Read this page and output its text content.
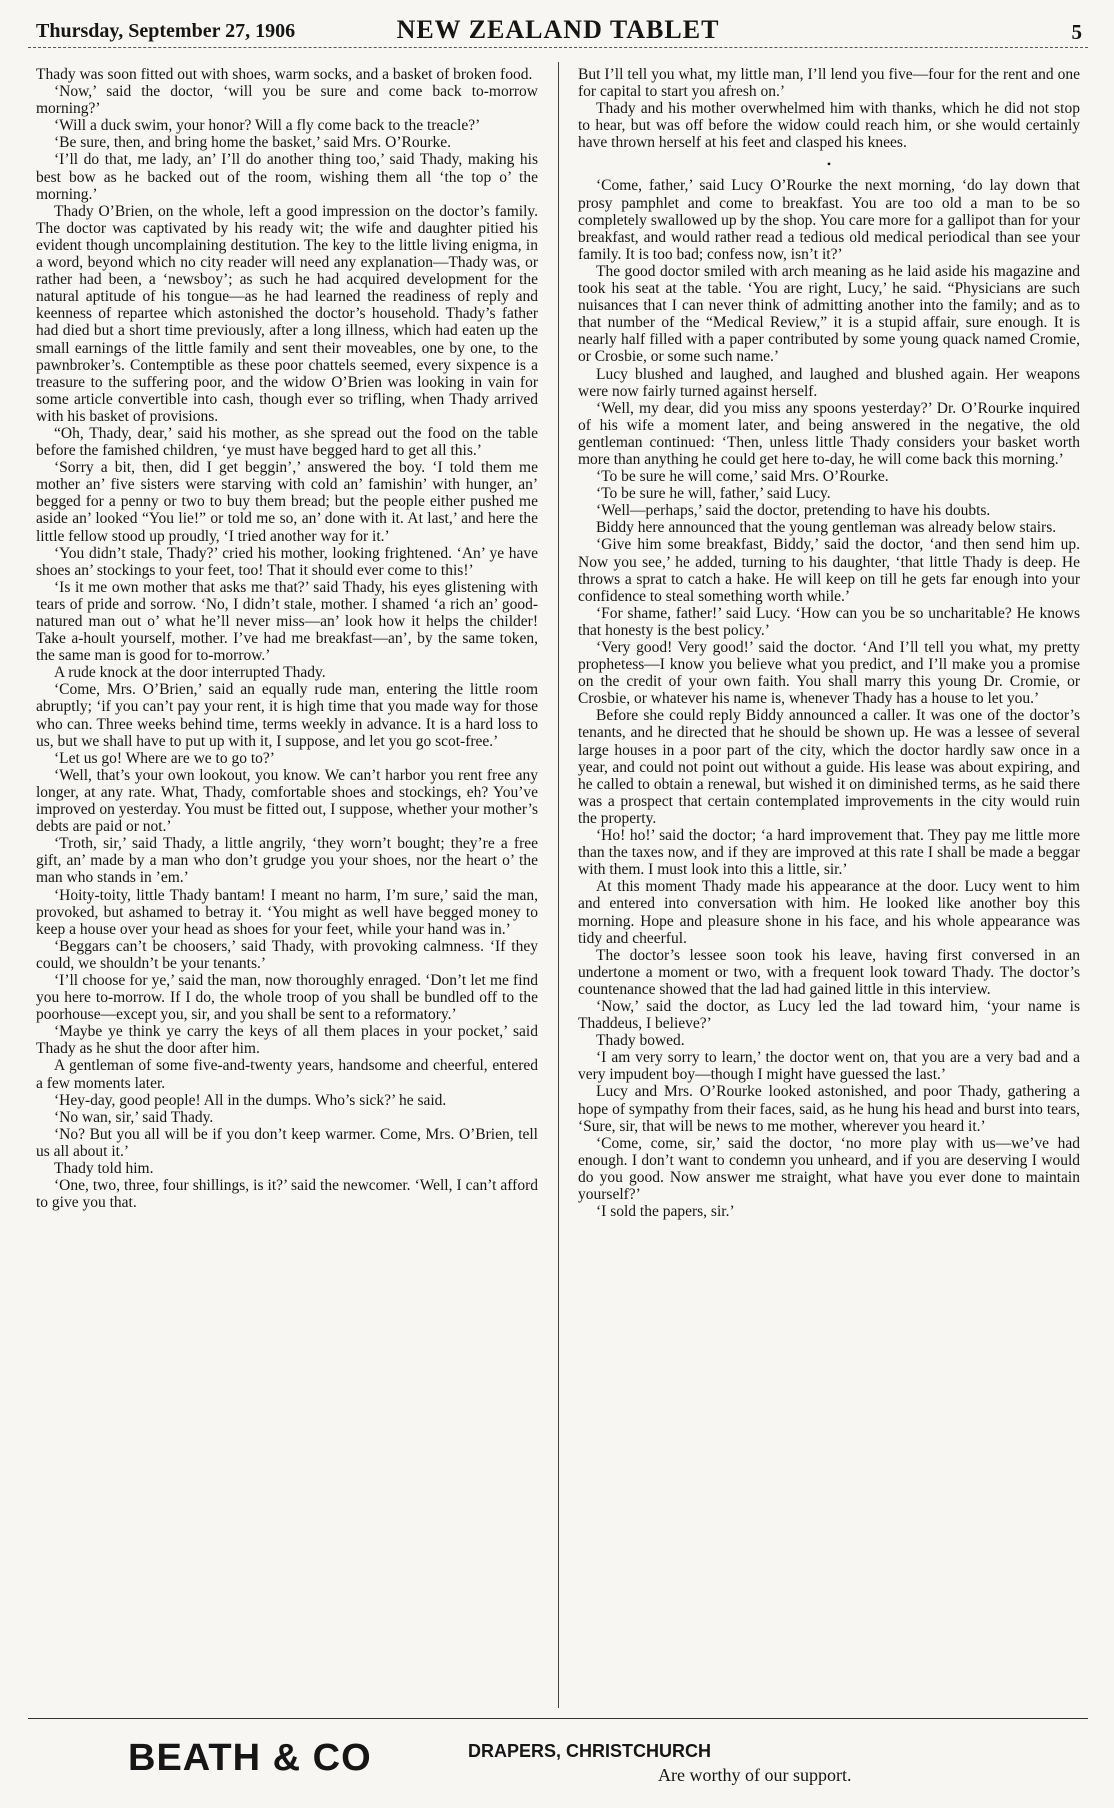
Thursday, September 27, 1906	NEW ZEALAND TABLET	5

Thady was soon fitted out with shoes, warm socks, and a basket of broken food.

‘Now,’ said the doctor, ‘will you be sure and come back to-morrow morning?’

‘Will a duck swim, your honor? Will a fly come back to the treacle?’

‘Be sure, then, and bring home the basket,’ said Mrs. O’Rourke.

‘I’ll do that, me lady, an’ I’ll do another thing too,’ said Thady, making his best bow as he backed out of the room, wishing them all ‘the top o’ the morning.’

Thady O’Brien, on the whole, left a good impression on the doctor’s family. The doctor was captivated by his ready wit; the wife and daughter pitied his evident though uncomplaining destitution. The key to the little living enigma, in a word, beyond which no city reader will need any explanation—Thady was, or rather had been, a ‘newsboy’; as such he had acquired development for the natural aptitude of his tongue—as he had learned the readiness of reply and keenness of repartee which astonished the doctor’s household. Thady’s father had died but a short time previously, after a long illness, which had eaten up the small earnings of the little family and sent their moveables, one by one, to the pawnbroker’s. Contemptible as these poor chattels seemed, every sixpence is a treasure to the suffering poor, and the widow O’Brien was looking in vain for some article convertible into cash, though ever so trifling, when Thady arrived with his basket of provisions.

“Oh, Thady, dear,’ said his mother, as she spread out the food on the table before the famished children, ‘ye must have begged hard to get all this.’

‘Sorry a bit, then, did I get beggin’,’ answered the boy. ‘I told them me mother an’ five sisters were starving with cold an’ famishin’ with hunger, an’ begged for a penny or two to buy them bread; but the people either pushed me aside an’ looked “You lie!” or told me so, an’ done with it. At last,’ and here the little fellow stood up proudly, ‘I tried another way for it.’

‘You didn’t stale, Thady?’ cried his mother, looking frightened. ‘An’ ye have shoes an’ stockings to your feet, too! That it should ever come to this!’

‘Is it me own mother that asks me that?’ said Thady, his eyes glistening with tears of pride and sorrow. ‘No, I didn’t stale, mother. I shamed ‘a rich an’ good-natured man out o’ what he’ll never miss—an’ look how it helps the childer! Take a-hoult yourself, mother. I’ve had me breakfast—an’, by the same token, the same man is good for to-morrow.’

A rude knock at the door interrupted Thady.

‘Come, Mrs. O’Brien,’ said an equally rude man, entering the little room abruptly; ‘if you can’t pay your rent, it is high time that you made way for those who can. Three weeks behind time, terms weekly in advance. It is a hard loss to us, but we shall have to put up with it, I suppose, and let you go scot-free.’

‘Let us go! Where are we to go to?’

‘Well, that’s your own lookout, you know. We can’t harbor you rent free any longer, at any rate. What, Thady, comfortable shoes and stockings, eh? You’ve improved on yesterday. You must be fitted out, I suppose, whether your mother’s debts are paid or not.’

‘Troth, sir,’ said Thady, a little angrily, ‘they worn’t bought; they’re a free gift, an’ made by a man who don’t grudge you your shoes, nor the heart o’ the man who stands in ’em.’

‘Hoity-toity, little Thady bantam! I meant no harm, I’m sure,’ said the man, provoked, but ashamed to betray it. ‘You might as well have begged money to keep a house over your head as shoes for your feet, while your hand was in.’

‘Beggars can’t be choosers,’ said Thady, with provoking calmness. ‘If they could, we shouldn’t be your tenants.’

‘I’ll choose for ye,’ said the man, now thoroughly enraged. ‘Don’t let me find you here to-morrow. If I do, the whole troop of you shall be bundled off to the poorhouse—except you, sir, and you shall be sent to a reformatory.’

‘Maybe ye think ye carry the keys of all them places in your pocket,’ said Thady as he shut the door after him.

A gentleman of some five-and-twenty years, handsome and cheerful, entered a few moments later.

‘Hey-day, good people! All in the dumps. Who’s sick?’ he said.

‘No wan, sir,’ said Thady.

‘No? But you all will be if you don’t keep warmer. Come, Mrs. O’Brien, tell us all about it.’

Thady told him.

‘One, two, three, four shillings, is it?’ said the newcomer. ‘Well, I can’t afford to give you that.

But I’ll tell you what, my little man, I’ll lend you five—four for the rent and one for capital to start you afresh on.’

Thady and his mother overwhelmed him with thanks, which he did not stop to hear, but was off before the widow could reach him, or she would certainly have thrown herself at his feet and clasped his knees.

•

‘Come, father,’ said Lucy O’Rourke the next morning, ‘do lay down that prosy pamphlet and come to breakfast. You are too old a man to be so completely swallowed up by the shop. You care more for a gallipot than for your breakfast, and would rather read a tedious old medical periodical than see your family. It is too bad; confess now, isn’t it?’

The good doctor smiled with arch meaning as he laid aside his magazine and took his seat at the table. ‘You are right, Lucy,’ he said. “Physicians are such nuisances that I can never think of admitting another into the family; and as to that number of the “Medical Review,” it is a stupid affair, sure enough. It is nearly half filled with a paper contributed by some young quack named Cromie, or Crosbie, or some such name.’

Lucy blushed and laughed, and laughed and blushed again. Her weapons were now fairly turned against herself.

‘Well, my dear, did you miss any spoons yesterday?’ Dr. O’Rourke inquired of his wife a moment later, and being answered in the negative, the old gentleman continued: ‘Then, unless little Thady considers your basket worth more than anything he could get here to-day, he will come back this morning.’

‘To be sure he will come,’ said Mrs. O’Rourke.

‘To be sure he will, father,’ said Lucy.

‘Well—perhaps,’ said the doctor, pretending to have his doubts.

Biddy here announced that the young gentleman was already below stairs.

‘Give him some breakfast, Biddy,’ said the doctor, ‘and then send him up. Now you see,’ he added, turning to his daughter, ‘that little Thady is deep. He throws a sprat to catch a hake. He will keep on till he gets far enough into your confidence to steal something worth while.’

‘For shame, father!’ said Lucy. ‘How can you be so uncharitable? He knows that honesty is the best policy.’

‘Very good! Very good!’ said the doctor. ‘And I’ll tell you what, my pretty prophetess—I know you believe what you predict, and I’ll make you a promise on the credit of your own faith. You shall marry this young Dr. Cromie, or Crosbie, or whatever his name is, whenever Thady has a house to let you.’

Before she could reply Biddy announced a caller. It was one of the doctor’s tenants, and he directed that he should be shown up. He was a lessee of several large houses in a poor part of the city, which the doctor hardly saw once in a year, and could not point out without a guide. His lease was about expiring, and he called to obtain a renewal, but wished it on diminished terms, as he said there was a prospect that certain contemplated improvements in the city would ruin the property.

‘Ho! ho!’ said the doctor; ‘a hard improvement that. They pay me little more than the taxes now, and if they are improved at this rate I shall be made a beggar with them. I must look into this a little, sir.’

At this moment Thady made his appearance at the door. Lucy went to him and entered into conversation with him. He looked like another boy this morning. Hope and pleasure shone in his face, and his whole appearance was tidy and cheerful.

The doctor’s lessee soon took his leave, having first conversed in an undertone a moment or two, with a frequent look toward Thady. The doctor’s countenance showed that the lad had gained little in this interview.

‘Now,’ said the doctor, as Lucy led the lad toward him, ‘your name is Thaddeus, I believe?’

Thady bowed.

‘I am very sorry to learn,’ the doctor went on, that you are a very bad and a very impudent boy—though I might have guessed the last.’

Lucy and Mrs. O’Rourke looked astonished, and poor Thady, gathering a hope of sympathy from their faces, said, as he hung his head and burst into tears, ‘Sure, sir, that will be news to me mother, wherever you heard it.’

‘Come, come, sir,’ said the doctor, ‘no more play with us—we’ve had enough. I don’t want to condemn you unheard, and if you are deserving I would do you good. Now answer me straight, what have you ever done to maintain yourself?’

‘I sold the papers, sir.’

BEATH & CO	DRAPERS, CHRISTCHURCH
Are worthy of our support.
